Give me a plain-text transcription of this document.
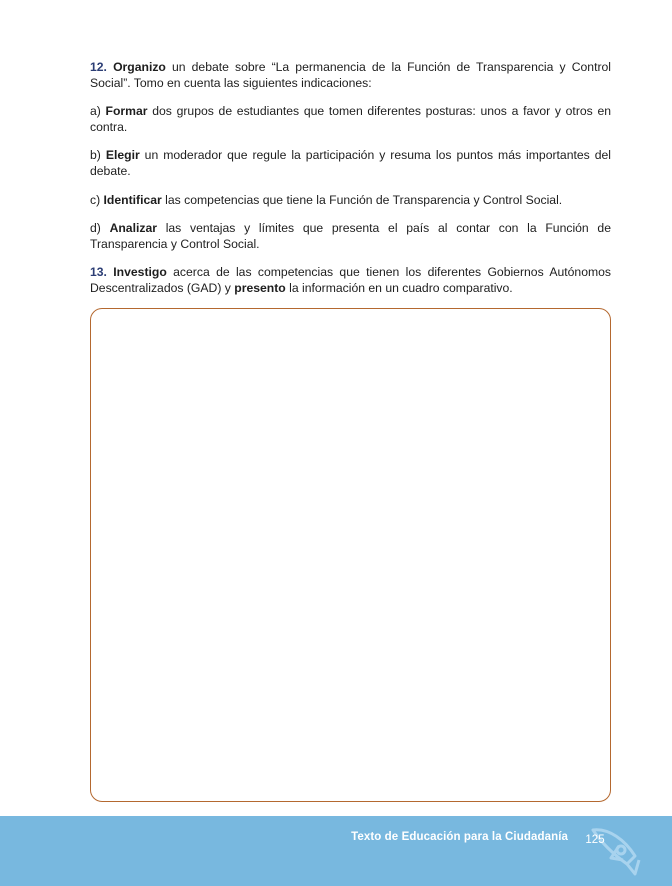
12. Organizo un debate sobre “La permanencia de la Función de Transparencia y Control Social”. Tomo en cuenta las siguientes indicaciones:

a) Formar dos grupos de estudiantes que tomen diferentes posturas: unos a favor y otros en contra.

b) Elegir un moderador que regule la participación y resuma los puntos más importantes del debate.

c) Identificar las competencias que tiene la Función de Transparencia y Control Social.

d) Analizar las ventajas y límites que presenta el país al contar con la Función de Transparencia y Control Social.

13. Investigo acerca de las competencias que tienen los diferentes Gobiernos Autónomos Descentralizados (GAD) y presento la información en un cuadro comparativo.

Texto de Educación para la Ciudadanía	125
